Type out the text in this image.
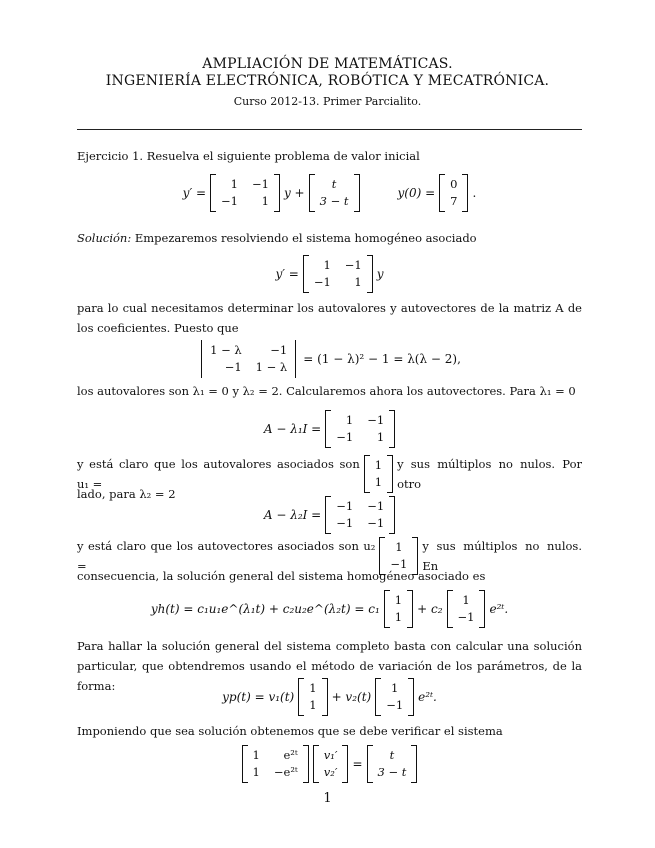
AMPLIACIÓN DE MATEMÁTICAS.
INGENIERÍA ELECTRÓNICA, ROBÓTICA Y MECATRÓNICA.
Curso 2012-13. Primer Parcialito.
Ejercicio 1. Resuelva el siguiente problema de valor inicial
y′ =
1 −1
−1	1
y +
t
3 − t
y(0) =
0
7
.
Solución: Empezaremos resolviendo el sistema homogéneo asociado
y′ =
1 −1
−1	1
y
para lo cual necesitamos determinar los autovalores y autovectores de la matriz A de los coeficientes. Puesto que
1 − λ	−1
−1 1 − λ
= (1 − λ)² − 1 = λ(λ − 2),
los autovalores son λ₁ = 0 y λ₂ = 2. Calcularemos ahora los autovectores. Para λ₁ = 0
A − λ₁I =
1 −1
−1	1
y está claro que los autovalores asociados son u₁ =
1
1
y sus múltiplos no nulos. Por otro
lado, para λ₂ = 2
A − λ₂I =
−1 −1
−1 −1
y está claro que los autovectores asociados son u₂ =
1
−1
y sus múltiplos no nulos. En
consecuencia, la solución general del sistema homogéneo asociado es
yh(t) = c₁u₁e^(λ₁t) + c₂u₂e^(λ₂t) = c₁
1
1
+ c₂
1
−1
e²ᵗ.
Para hallar la solución general del sistema completo basta con calcular una solución particular, que obtendremos usando el método de variación de los parámetros, de la forma:
yp(t) = v₁(t)
1
1
+ v₂(t)
1
−1
e²ᵗ.
Imponiendo que sea solución obtenemos que se debe verificar el sistema
1	e²ᵗ
1 −e²ᵗ
v₁′
v₂′
=
t
3 − t
1
